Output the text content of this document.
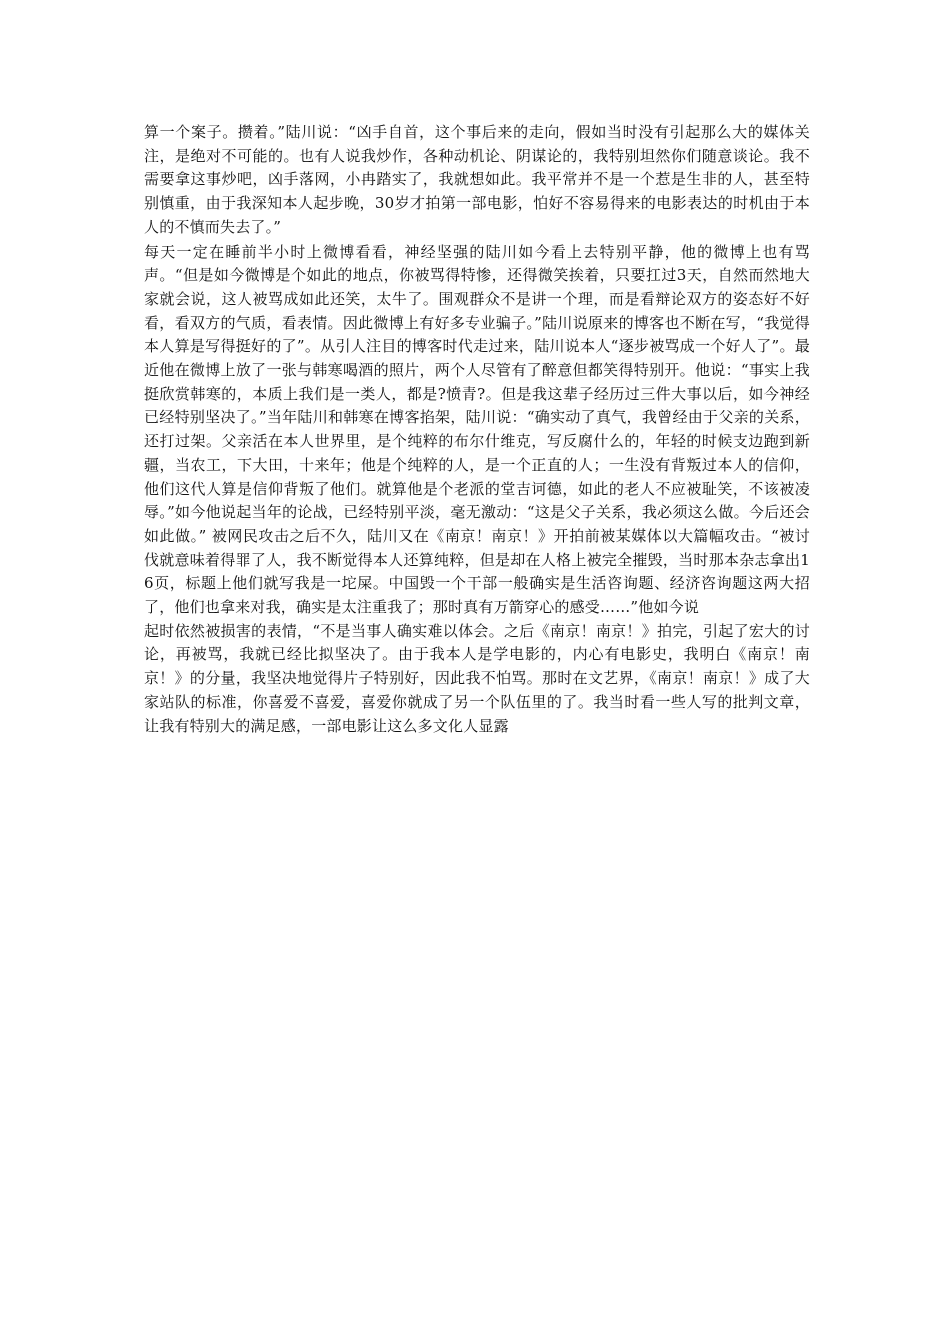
算一个案子。攒着。”陆川说：“凶手自首，这个事后来的走向，假如当时没有引起那么大的媒体关注，是绝对不可能的。也有人说我炒作，各种动机论、阴谋论的，我特别坦然你们随意谈论。我不需要拿这事炒吧，凶手落网，小冉踏实了，我就想如此。我平常并不是一个惹是生非的人，甚至特别慎重，由于我深知本人起步晚，30岁才拍第一部电影，怕好不容易得来的电影表达的时机由于本人的不慎而失去了。”

每天一定在睡前半小时上微博看看，神经坚强的陆川如今看上去特别平静，他的微博上也有骂声。“但是如今微博是个如此的地点，你被骂得特惨，还得微笑挨着，只要扛过3天，自然而然地大家就会说，这人被骂成如此还笑，太牛了。围观群众不是讲一个理，而是看辩论双方的姿态好不好看，看双方的气质，看表情。因此微博上有好多专业骗子。”陆川说原来的博客也不断在写，“我觉得本人算是写得挺好的了”。从引人注目的博客时代走过来，陆川说本人“逐步被骂成一个好人了”。最近他在微博上放了一张与韩寒喝酒的照片，两个人尽管有了醉意但都笑得特别开。他说：“事实上我挺欣赏韩寒的，本质上我们是一类人，都是?愤青?。但是我这辈子经历过三件大事以后，如今神经已经特别坚决了。”当年陆川和韩寒在博客掐架，陆川说：“确实动了真气，我曾经由于父亲的关系，还打过架。父亲活在本人世界里，是个纯粹的布尔什维克，写反腐什么的，年轻的时候支边跑到新疆，当农工，下大田，十来年；他是个纯粹的人，是一个正直的人；一生没有背叛过本人的信仰，他们这代人算是信仰背叛了他们。就算他是个老派的堂吉诃德，如此的老人不应被耻笑，不该被凌辱。”如今他说起当年的论战，已经特别平淡，毫无激动：“这是父子关系，我必须这么做。今后还会如此做。” 被网民攻击之后不久，陆川又在《南京！南京！》开拍前被某媒体以大篇幅攻击。“被讨伐就意味着得罪了人，我不断觉得本人还算纯粹，但是却在人格上被完全摧毁，当时那本杂志拿出16页，标题上他们就写我是一坨屎。中国毁一个干部一般确实是生活咨询题、经济咨询题这两大招了，他们也拿来对我，确实是太注重我了；那时真有万箭穿心的感受……”他如今说

起时依然被损害的表情，“不是当事人确实难以体会。之后《南京！南京！》拍完，引起了宏大的讨论，再被骂，我就已经比拟坚决了。由于我本人是学电影的，内心有电影史，我明白《南京！南京！》的分量，我坚决地觉得片子特别好，因此我不怕骂。那时在文艺界，《南京！南京！》成了大家站队的标准，你喜爱不喜爱，喜爱你就成了另一个队伍里的了。我当时看一些人写的批判文章，让我有特别大的满足感，一部电影让这么多文化人显露
